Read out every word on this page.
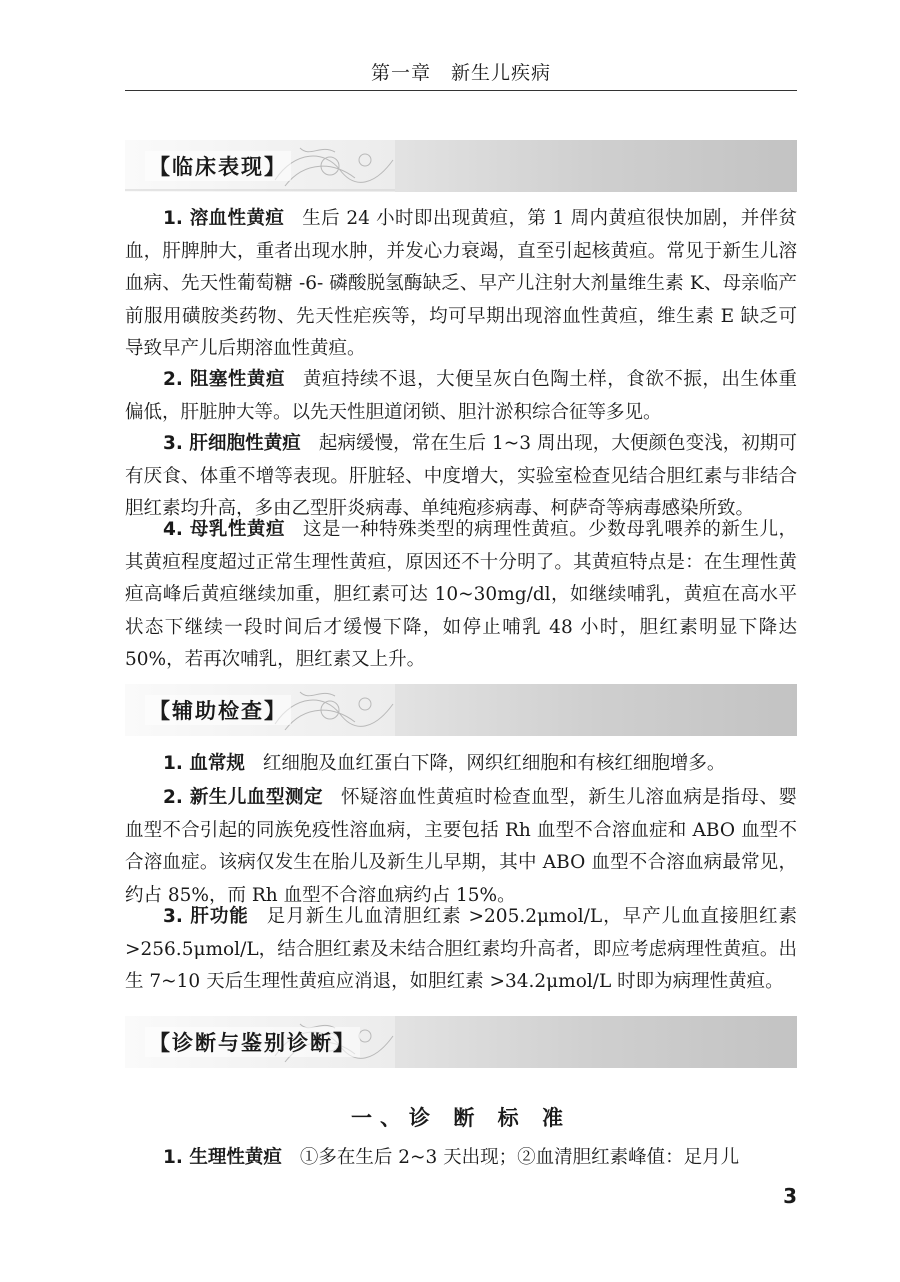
第一章　新生儿疾病
【临床表现】

1. 溶血性黄疸 生后 24 小时即出现黄疸，第 1 周内黄疸很快加剧，并伴贫血，肝脾肿大，重者出现水肿，并发心力衰竭，直至引起核黄疸。常见于新生儿溶血病、先天性葡萄糖 -6- 磷酸脱氢酶缺乏、早产儿注射大剂量维生素 K、母亲临产前服用磺胺类药物、先天性疟疾等，均可早期出现溶血性黄疸，维生素 E 缺乏可导致早产儿后期溶血性黄疸。

2. 阻塞性黄疸 黄疸持续不退，大便呈灰白色陶土样，食欲不振，出生体重偏低，肝脏肿大等。以先天性胆道闭锁、胆汁淤积综合征等多见。

3. 肝细胞性黄疸 起病缓慢，常在生后 1~3 周出现，大便颜色变浅，初期可有厌食、体重不增等表现。肝脏轻、中度增大，实验室检查见结合胆红素与非结合胆红素均升高，多由乙型肝炎病毒、单纯疱疹病毒、柯萨奇等病毒感染所致。

4. 母乳性黄疸 这是一种特殊类型的病理性黄疸。少数母乳喂养的新生儿，其黄疸程度超过正常生理性黄疸，原因还不十分明了。其黄疸特点是：在生理性黄疸高峰后黄疸继续加重，胆红素可达 10~30mg/dl，如继续哺乳，黄疸在高水平状态下继续一段时间后才缓慢下降，如停止哺乳 48 小时，胆红素明显下降达 50%，若再次哺乳，胆红素又上升。

【辅助检查】

1. 血常规 红细胞及血红蛋白下降，网织红细胞和有核红细胞增多。

2. 新生儿血型测定 怀疑溶血性黄疸时检查血型，新生儿溶血病是指母、婴血型不合引起的同族免疫性溶血病，主要包括 Rh 血型不合溶血症和 ABO 血型不合溶血症。该病仅发生在胎儿及新生儿早期，其中 ABO 血型不合溶血病最常见，约占 85%，而 Rh 血型不合溶血病约占 15%。

3. 肝功能 足月新生儿血清胆红素 >205.2μmol/L，早产儿血直接胆红素 >256.5μmol/L，结合胆红素及未结合胆红素均升高者，即应考虑病理性黄疸。出生 7~10 天后生理性黄疸应消退，如胆红素 >34.2μmol/L 时即为病理性黄疸。

【诊断与鉴别诊断】
一、诊 断 标 准

1. 生理性黄疸 ①多在生后 2~3 天出现；②血清胆红素峰值：足月儿

3
